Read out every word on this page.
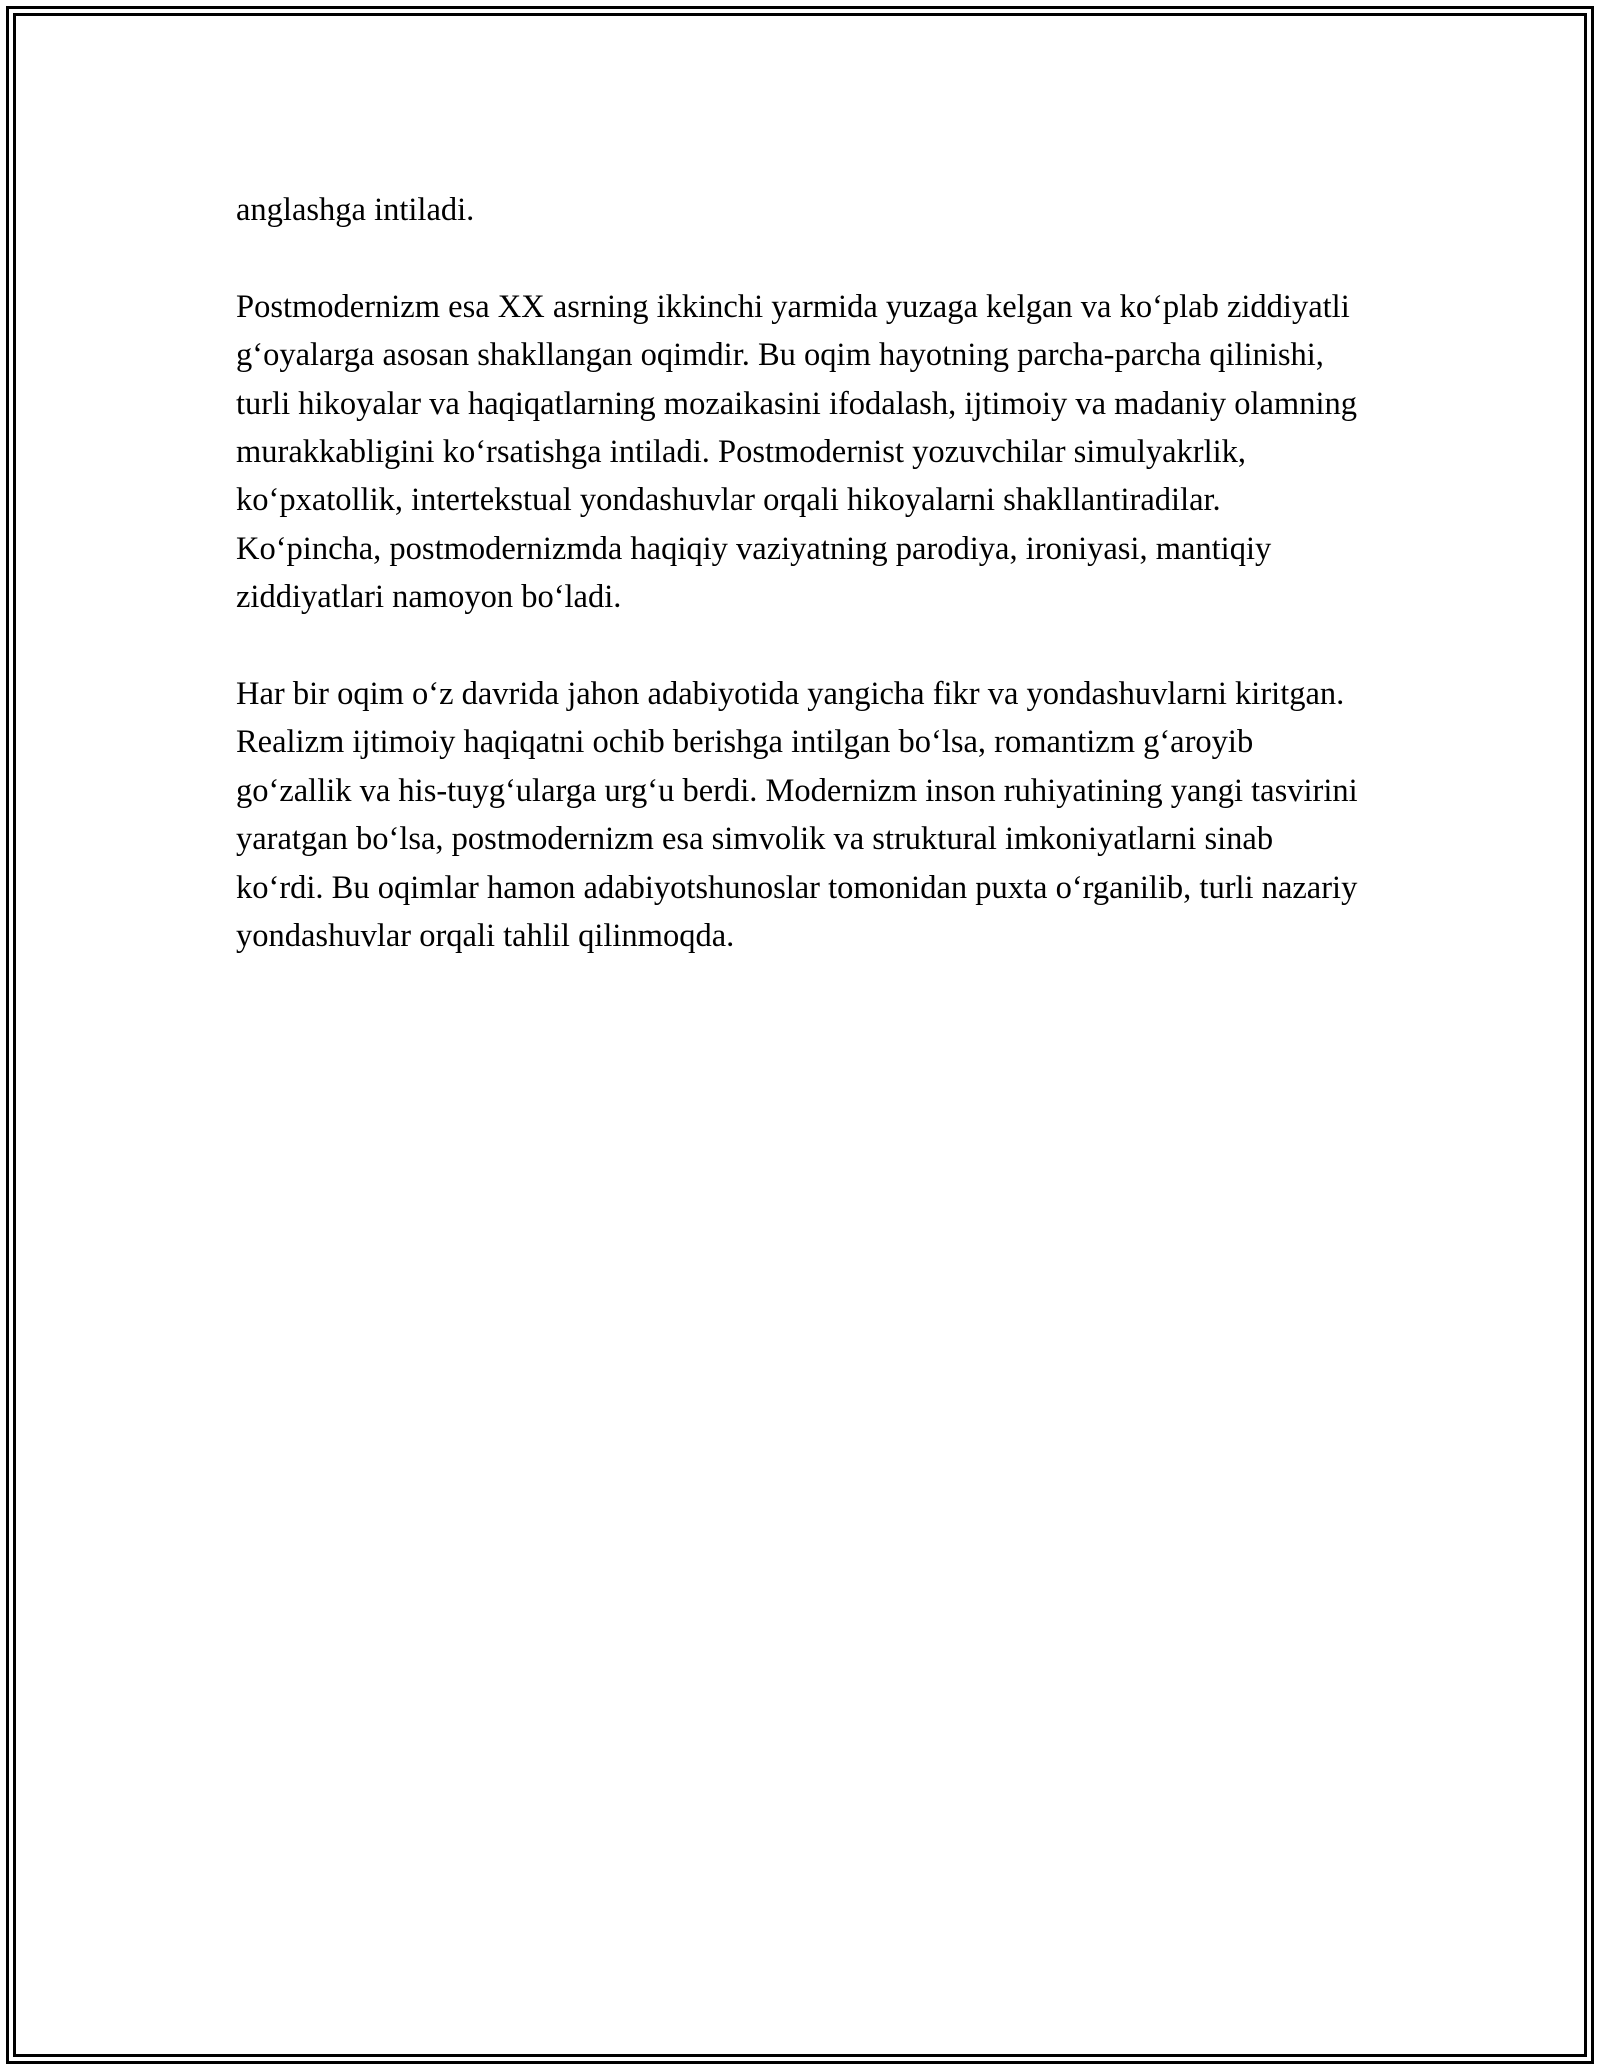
anglashga intiladi.

Postmodernizm esa XX asrning ikkinchi yarmida yuzaga kelgan va ko‘plab ziddiyatli g‘oyalarga asosan shakllangan oqimdir. Bu oqim hayotning parcha-parcha qilinishi, turli hikoyalar va haqiqatlarning mozaikasini ifodalash, ijtimoiy va madaniy olamning murakkabligini ko‘rsatishga intiladi. Postmodernist yozuvchilar simulyakrlik, ko‘pxatollik, intertekstual yondashuvlar orqali hikoyalarni shakllantiradilar. Ko‘pincha, postmodernizmda haqiqiy vaziyatning parodiya, ironiyasi, mantiqiy ziddiyatlari namoyon bo‘ladi.

Har bir oqim o‘z davrida jahon adabiyotida yangicha fikr va yondashuvlarni kiritgan. Realizm ijtimoiy haqiqatni ochib berishga intilgan bo‘lsa, romantizm g‘aroyib go‘zallik va his-tuyg‘ularga urg‘u berdi. Modernizm inson ruhiyatining yangi tasvirini yaratgan bo‘lsa, postmodernizm esa simvolik va struktural imkoniyatlarni sinab ko‘rdi. Bu oqimlar hamon adabiyotshunoslar tomonidan puxta o‘rganilib, turli nazariy yondashuvlar orqali tahlil qilinmoqda.
